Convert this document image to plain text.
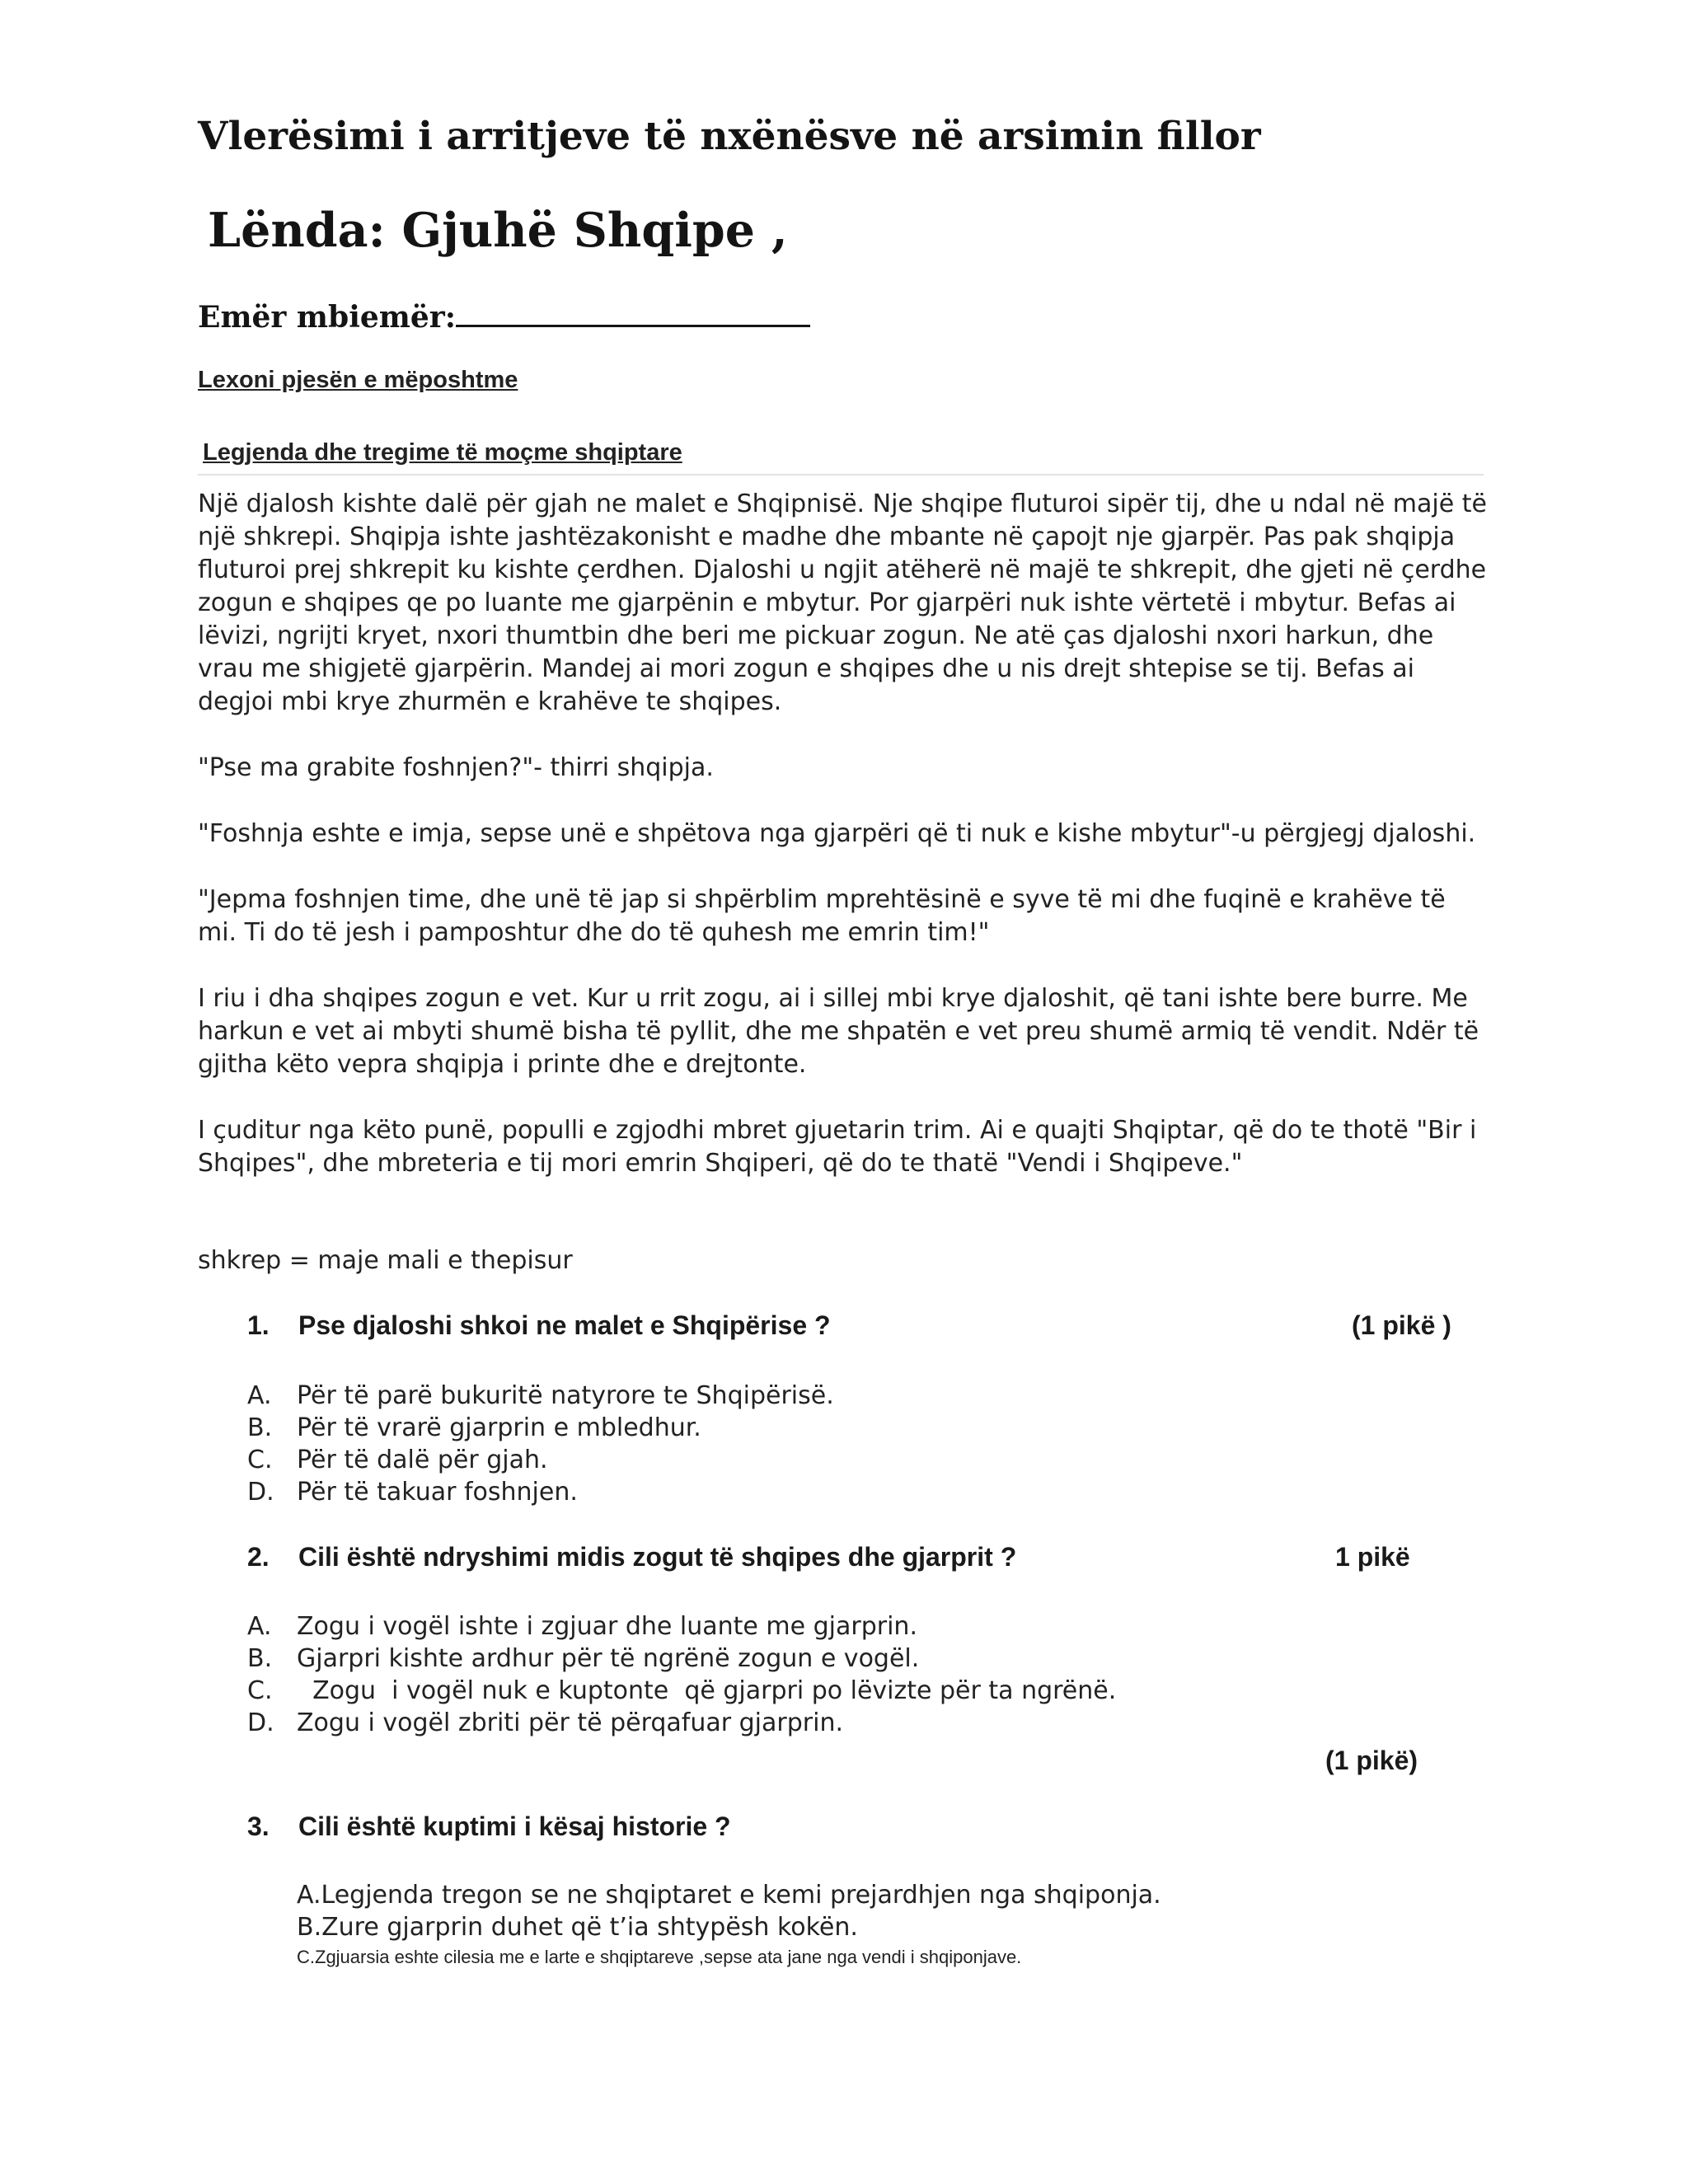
Vlerësimi i arritjeve të nxënësve në arsimin fillor
Lënda: Gjuhë Shqipe ,
Emër mbiemër:
Lexoni pjesën e mëposhtme
Legjenda dhe tregime të moçme shqiptare

Një djalosh kishte dalë për gjah ne malet e Shqipnisë. Nje shqipe fluturoi sipër tij, dhe u ndal në majë të një shkrepi. Shqipja ishte jashtëzakonisht e madhe dhe mbante në çapojt nje gjarpër. Pas pak shqipja fluturoi prej shkrepit ku kishte çerdhen. Djaloshi u ngjit atëherë në majë te shkrepit, dhe gjeti në çerdhe zogun e shqipes qe po luante me gjarpënin e mbytur. Por gjarpëri nuk ishte vërtetë i mbytur. Befas ai lëvizi, ngrijti kryet, nxori thumtbin dhe beri me pickuar zogun. Ne atë ças djaloshi nxori harkun, dhe vrau me shigjetë gjarpërin. Mandej ai mori zogun e shqipes dhe u nis drejt shtepise se tij. Befas ai degjoi mbi krye zhurmën e krahëve te shqipes.

"Pse ma grabite foshnjen?"- thirri shqipja.

"Foshnja eshte e imja, sepse unë e shpëtova nga gjarpëri që ti nuk e kishe mbytur"-u përgjegj djaloshi.

"Jepma foshnjen time, dhe unë të jap si shpërblim mprehtësinë e syve të mi dhe fuqinë e krahëve të mi. Ti do të jesh i pamposhtur dhe do të quhesh me emrin tim!"

I riu i dha shqipes zogun e vet. Kur u rrit zogu, ai i sillej mbi krye djaloshit, që tani ishte bere burre. Me harkun e vet ai mbyti shumë bisha të pyllit, dhe me shpatën e vet preu shumë armiq të vendit. Ndër të gjitha këto vepra shqipja i printe dhe e drejtonte.

I çuditur nga këto punë, populli e zgjodhi mbret gjuetarin trim. Ai e quajti Shqiptar, që do te thotë "Bir i Shqipes", dhe mbreteria e tij mori emrin Shqiperi, që do te thatë "Vendi i Shqipeve."

shkrep = maje mali e thepisur
1. Pse djaloshi shkoi ne malet e Shqipërise ?	(1 pikë )
A. Për të parë bukuritë natyrore te Shqipërisë.
B. Për të vrarë gjarprin e mbledhur.
C. Për të dalë për gjah.
D. Për të takuar foshnjen.
2. Cili është ndryshimi midis zogut të shqipes dhe gjarprit ?	1 pikë
A. Zogu i vogël ishte i zgjuar dhe luante me gjarprin.
B. Gjarpri kishte ardhur për të ngrënë zogun e vogël.
C.  Zogu  i vogël nuk e kuptonte  që gjarpri po lëvizte për ta ngrënë.
D. Zogu i vogël zbriti për të përqafuar gjarprin.
(1 pikë)
3. Cili është kuptimi i kësaj historie ?
A.Legjenda tregon se ne shqiptaret e kemi prejardhjen nga shqiponja.
B.Zure gjarprin duhet që t’ia shtypësh kokën.
C.Zgjuarsia eshte cilesia me e larte e shqiptareve ,sepse ata jane nga vendi i shqiponjave.
